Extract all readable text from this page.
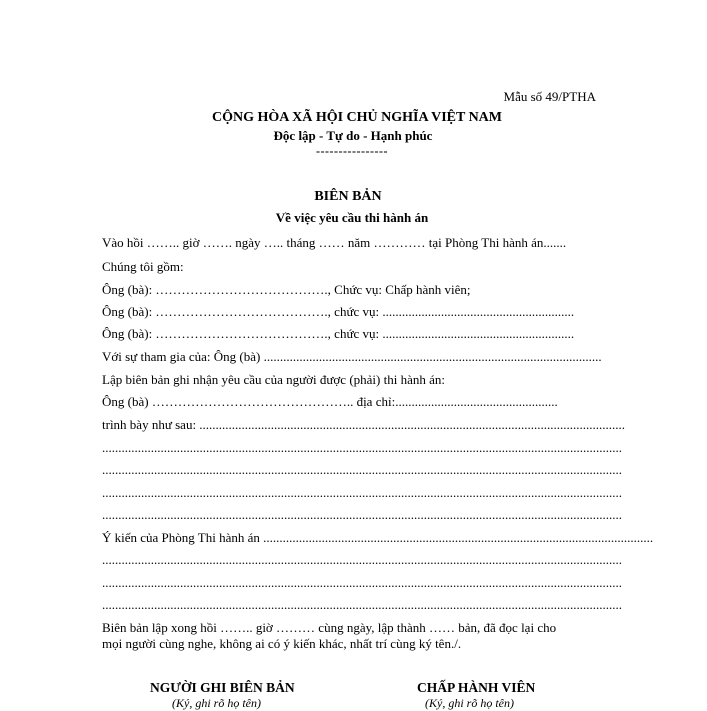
Mẫu số 49/PTHA
CỘNG HÒA XÃ HỘI CHỦ NGHĨA VIỆT NAM
Độc lập - Tự do - Hạnh phúc
----------------
BIÊN BẢN
Về việc yêu cầu thi hành án
Vào hồi …….. giờ ……. ngày ….. tháng …… năm ………… tại Phòng Thi hành án.......
Chúng tôi gồm:
Ông (bà): …………………………………., Chức vụ: Chấp hành viên;
Ông (bà): …………………………………., chức vụ: ...........................................................
Ông (bà): …………………………………., chức vụ: ...........................................................
Với sự tham gia của: Ông (bà) ........................................................................................................
Lập biên bản ghi nhận yêu cầu của người được (phải) thi hành án:
Ông (bà) ……………………………………….. địa chỉ:..................................................
trình bày như sau: ...................................................................................................................................
................................................................................................................................................................
................................................................................................................................................................
................................................................................................................................................................
................................................................................................................................................................
Ý kiến của Phòng Thi hành án ........................................................................................................................
................................................................................................................................................................
................................................................................................................................................................
................................................................................................................................................................
Biên bản lập xong hồi …….. giờ ……… cùng ngày, lập thành …… bản, đã đọc lại cho
mọi người cùng nghe, không ai có ý kiến khác, nhất trí cùng ký tên./.
NGƯỜI GHI BIÊN BẢN
(Ký, ghi rõ họ tên)
CHẤP HÀNH VIÊN
(Ký, ghi rõ họ tên)
